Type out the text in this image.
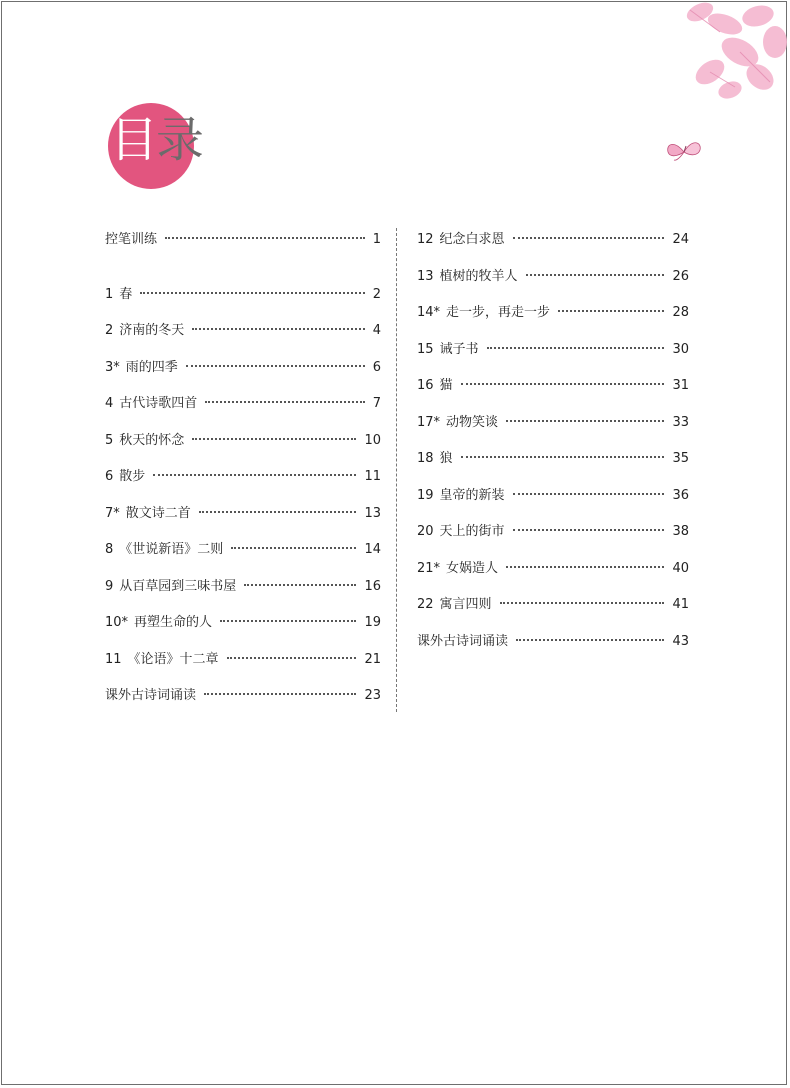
目录
控笔训练	1
1 春	2
2 济南的冬天	4
3* 雨的四季	6
4 古代诗歌四首	7
5 秋天的怀念	10
6 散步	11
7* 散文诗二首	13
8 《世说新语》二则	14
9 从百草园到三味书屋	16
10* 再塑生命的人	19
11 《论语》十二章	21
课外古诗词诵读	23
12 纪念白求恩	24
13 植树的牧羊人	26
14* 走一步，再走一步	28
15 诫子书	30
16 猫	31
17* 动物笑谈	33
18 狼	35
19 皇帝的新装	36
20 天上的街市	38
21* 女娲造人	40
22 寓言四则	41
课外古诗词诵读	43
